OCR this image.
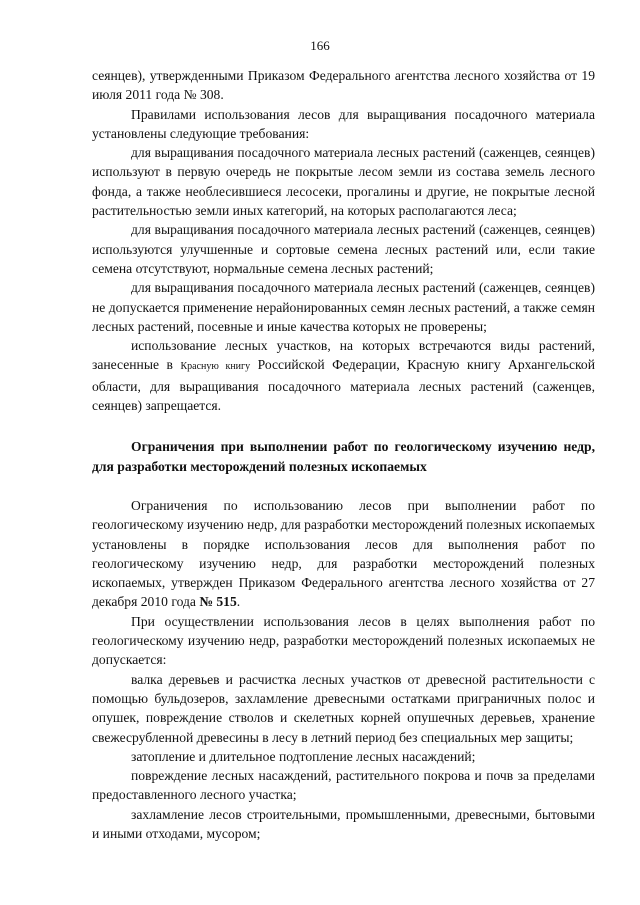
166

сеянцев), утвержденными Приказом Федерального агентства лесного хозяйства от 19 июля 2011 года № 308.

Правилами использования лесов для выращивания посадочного материала установлены следующие требования:

для выращивания посадочного материала лесных растений (саженцев, сеянцев) используют в первую очередь не покрытые лесом земли из состава земель лесного фонда, а также необлесившиеся лесосеки, прогалины и другие, не покрытые лесной растительностью земли иных категорий, на которых располагаются леса;

для выращивания посадочного материала лесных растений (саженцев, сеянцев) используются улучшенные и сортовые семена лесных растений или, если такие семена отсутствуют, нормальные семена лесных растений;

для выращивания посадочного материала лесных растений (саженцев, сеянцев) не допускается применение нерайонированных семян лесных растений, а также семян лесных растений, посевные и иные качества которых не проверены;

использование лесных участков, на которых встречаются виды растений, занесенные в Красную книгу Российской Федерации, Красную книгу Архангельской области, для выращивания посадочного материала лесных растений (саженцев, сеянцев) запрещается.

Ограничения при выполнении работ по геологическому изучению недр, для разработки месторождений полезных ископаемых

Ограничения по использованию лесов при выполнении работ по геологическому изучению недр, для разработки месторождений полезных ископаемых установлены в порядке использования лесов для выполнения работ по геологическому изучению недр, для разработки месторождений полезных ископаемых, утвержден Приказом Федерального агентства лесного хозяйства от 27 декабря 2010 года № 515.

При осуществлении использования лесов в целях выполнения работ по геологическому изучению недр, разработки месторождений полезных ископаемых не допускается:

валка деревьев и расчистка лесных участков от древесной растительности с помощью бульдозеров, захламление древесными остатками приграничных полос и опушек, повреждение стволов и скелетных корней опушечных деревьев, хранение свежесрубленной древесины в лесу в летний период без специальных мер защиты;

затопление и длительное подтопление лесных насаждений;

повреждение лесных насаждений, растительного покрова и почв за пределами предоставленного лесного участка;

захламление лесов строительными, промышленными, древесными, бытовыми и иными отходами, мусором;
